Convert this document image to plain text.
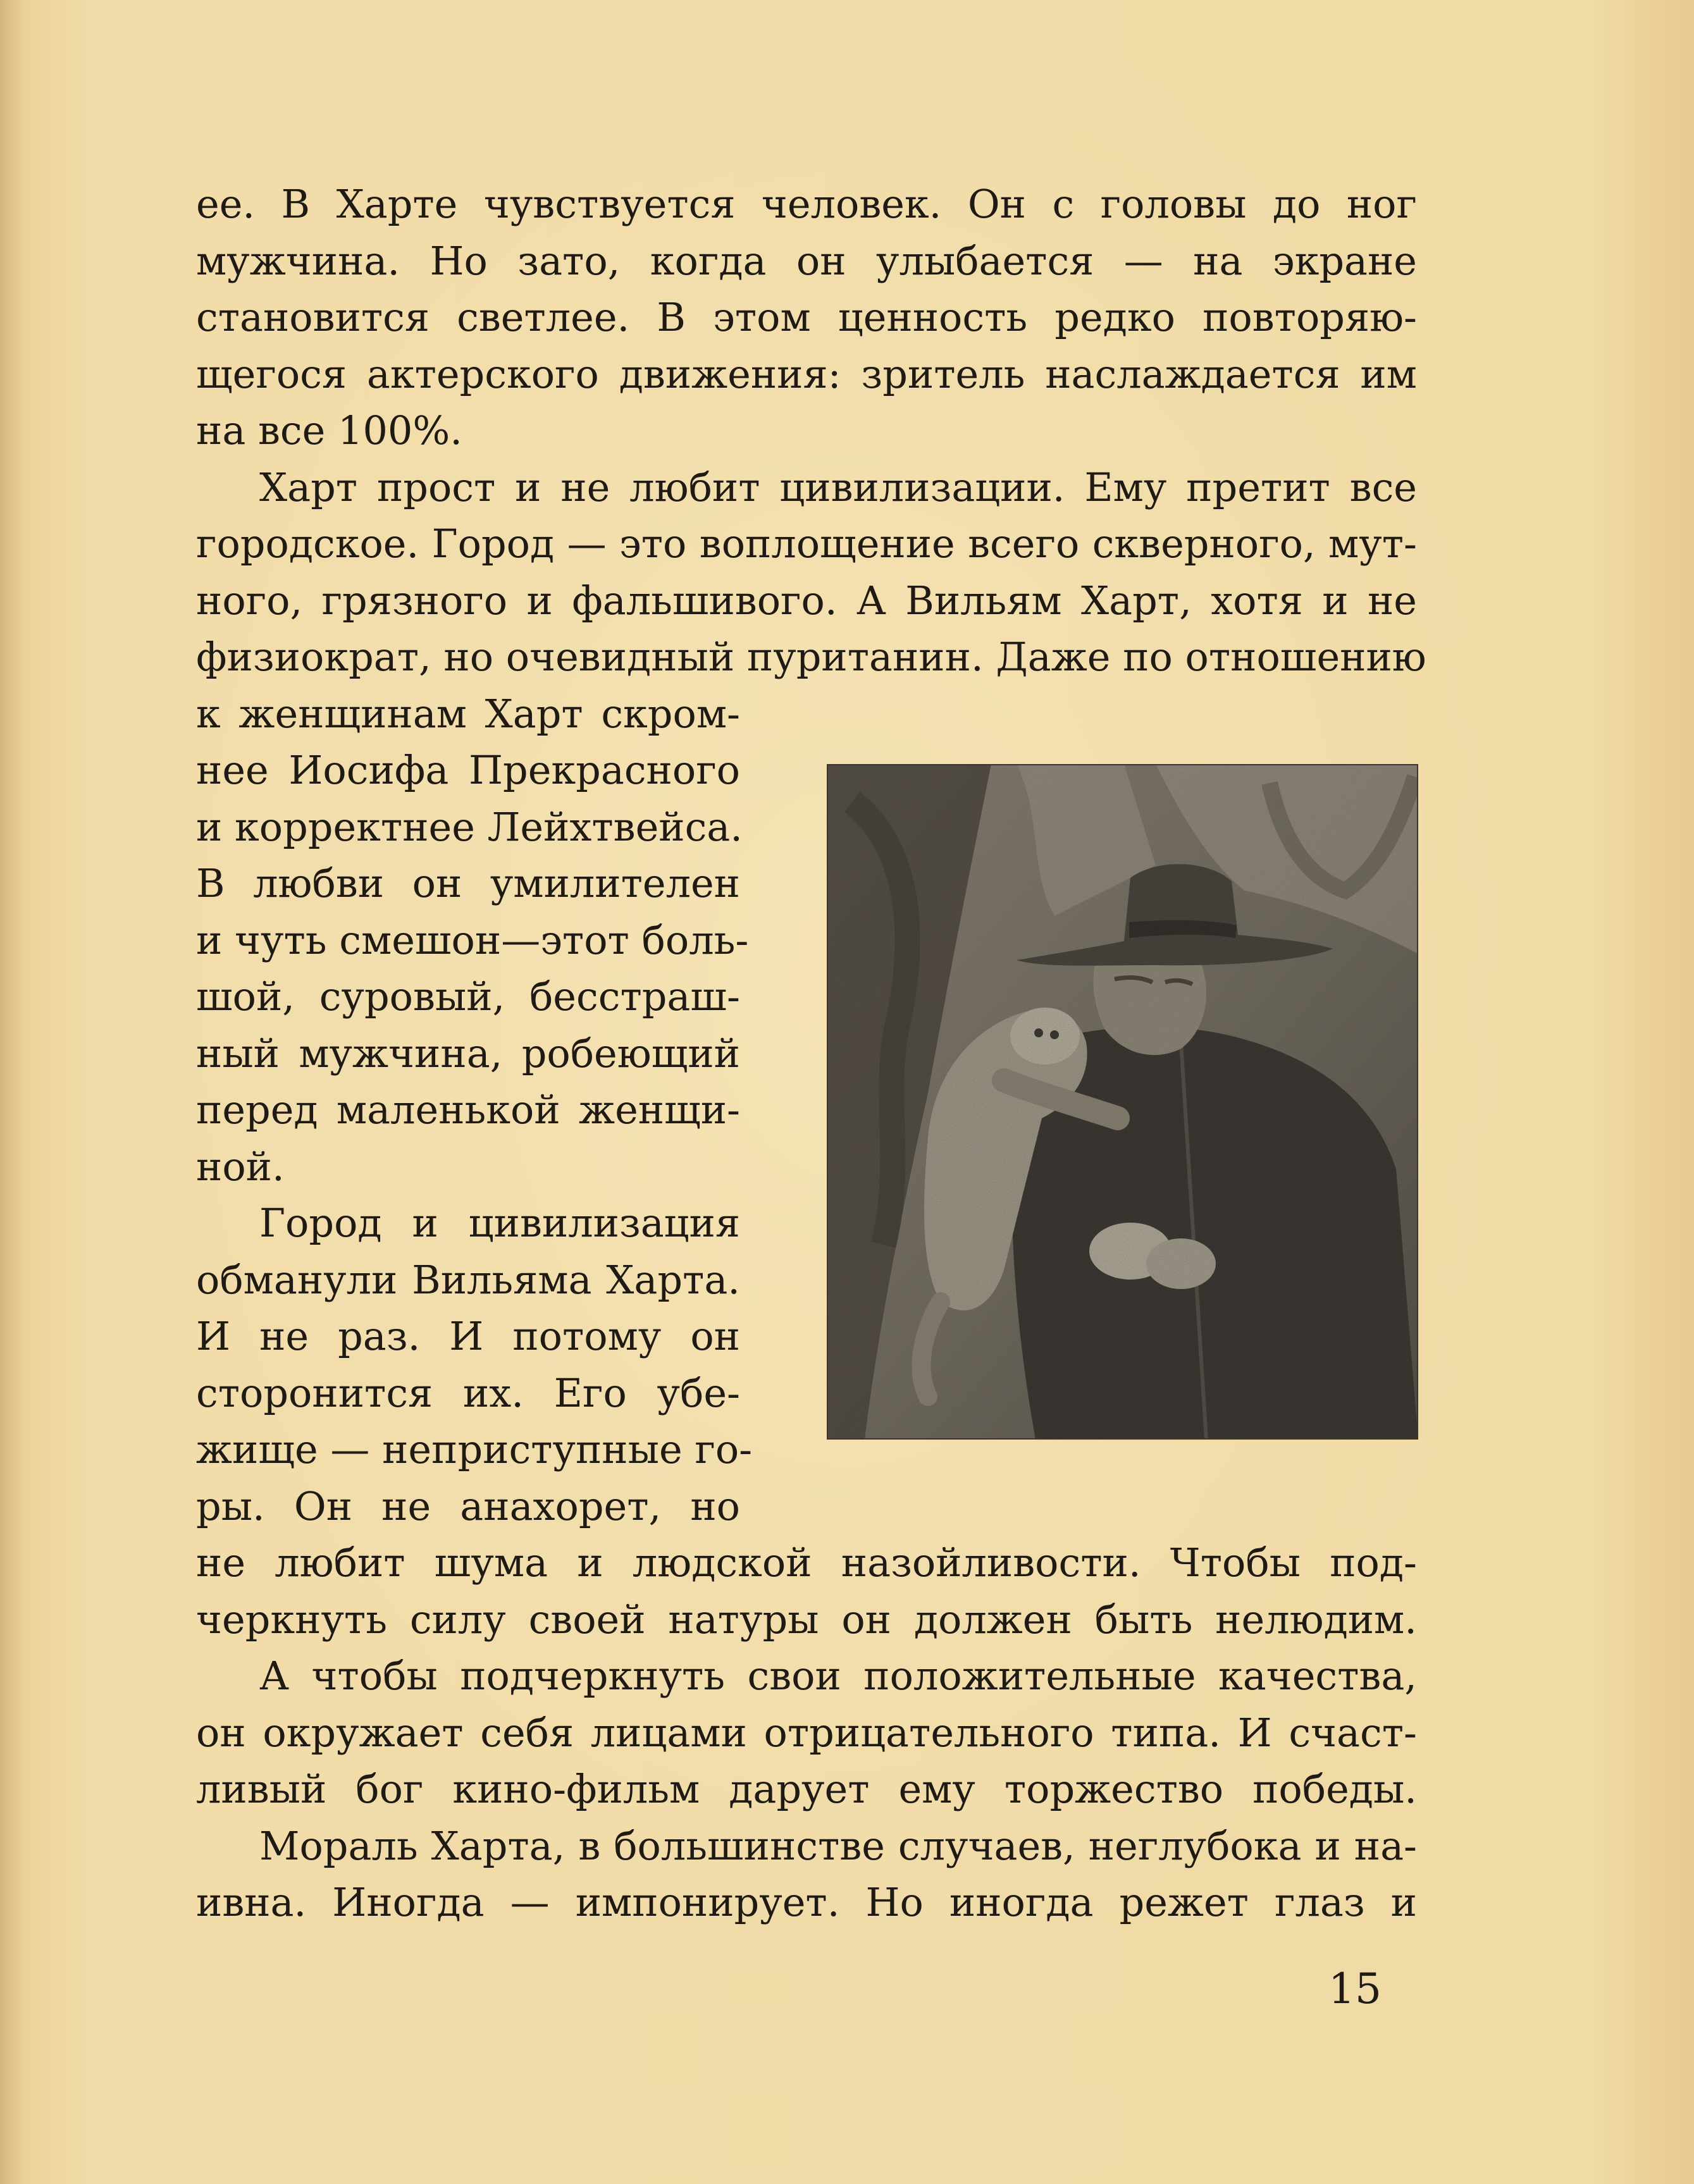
ее. В Харте чувствуется человек. Он с головы до ног
мужчина. Но зато, когда он улыбается — на экране
становится светлее. В этом ценность редко повторяю-
щегося актерского движения: зритель наслаждается им
на все 100%.
Харт прост и не любит цивилизации. Ему претит все
городское. Город — это воплощение всего скверного, мут-
ного, грязного и фальшивого. А Вильям Харт, хотя и не
физиократ, но очевидный пуританин. Даже по отношению
к женщинам Харт скром-
нее Иосифа Прекрасного
и корректнее Лейхтвейса.
В любви он умилителен
и чуть смешон—этот боль-
шой, суровый, бесстраш-
ный мужчина, робеющий
перед маленькой женщи-
ной.
Город и цивилизация
обманули Вильяма Харта.
И не раз. И потому он
сторонится их. Его убе-
жище — неприступные го-
ры. Он не анахорет, но
не любит шума и людской назойливости. Чтобы под-
черкнуть силу своей натуры он должен быть нелюдим.
А чтобы подчеркнуть свои положительные качества,
он окружает себя лицами отрицательного типа. И счаст-
ливый бог кино-фильм дарует ему торжество победы.
Мораль Харта, в большинстве случаев, неглубока и на-
ивна. Иногда — импонирует. Но иногда режет глаз и
15
